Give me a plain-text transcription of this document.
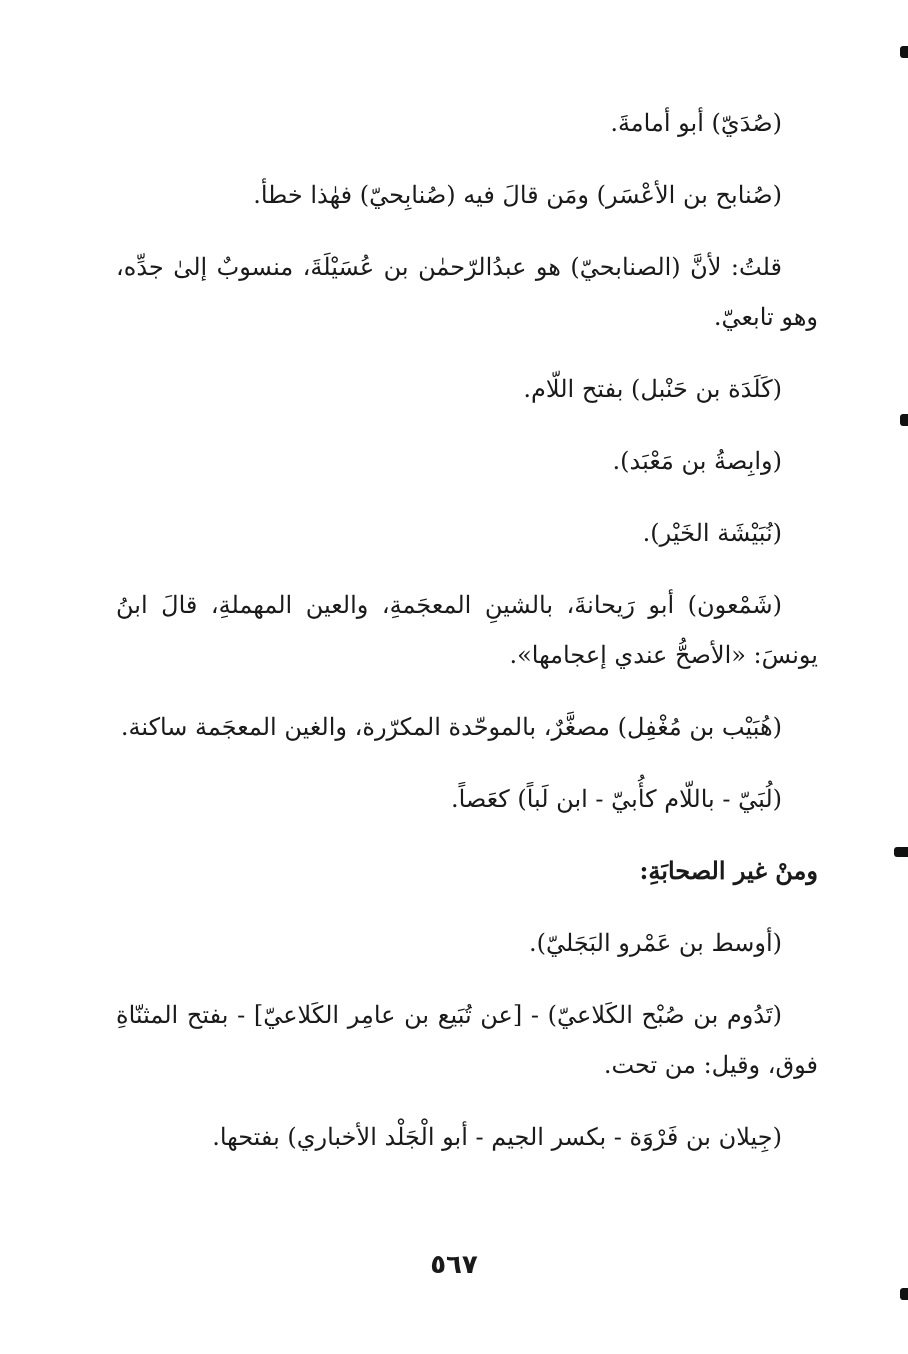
(صُدَيّ) أبو أمامةَ.

(صُنابح بن الأعْسَر) ومَن قالَ فيه (صُنابِحيّ) فهٰذا خطأ.

قلتُ: لأنَّ (الصنابحيّ) هو عبدُالرّحمٰن بن عُسَيْلَةَ، منسوبٌ إلىٰ جدِّه، وهو تابعيّ.

(كَلَدَة بن حَنْبل) بفتح اللّام.

(وابِصةُ بن مَعْبَد).

(نُبَيْشَة الخَيْر).

(شَمْعون) أبو رَيحانةَ، بالشينِ المعجَمةِ، والعين المهملةِ، قالَ ابنُ يونسَ: «الأصحُّ عندي إعجامها».

(هُبَيْب بن مُغْفِل) مصغَّرٌ، بالموحّدة المكرّرة، والغين المعجَمة ساكنة.

(لُبَيّ - باللّام كأُبيّ - ابن لَباً) كعَصاً.

ومنْ غير الصحابَةِ:

(أوسط بن عَمْرو البَجَليّ).

(تَدُوم بن صُبْح الكَلاعيّ) - [عن تُبَيع بن عامِر الكَلاعيّ] - بفتح المثنّاةِ فوق، وقيل: من تحت.

(جِيلان بن فَرْوَة - بكسر الجيم - أبو الْجَلْد الأخباري) بفتحها.

٥٦٧
